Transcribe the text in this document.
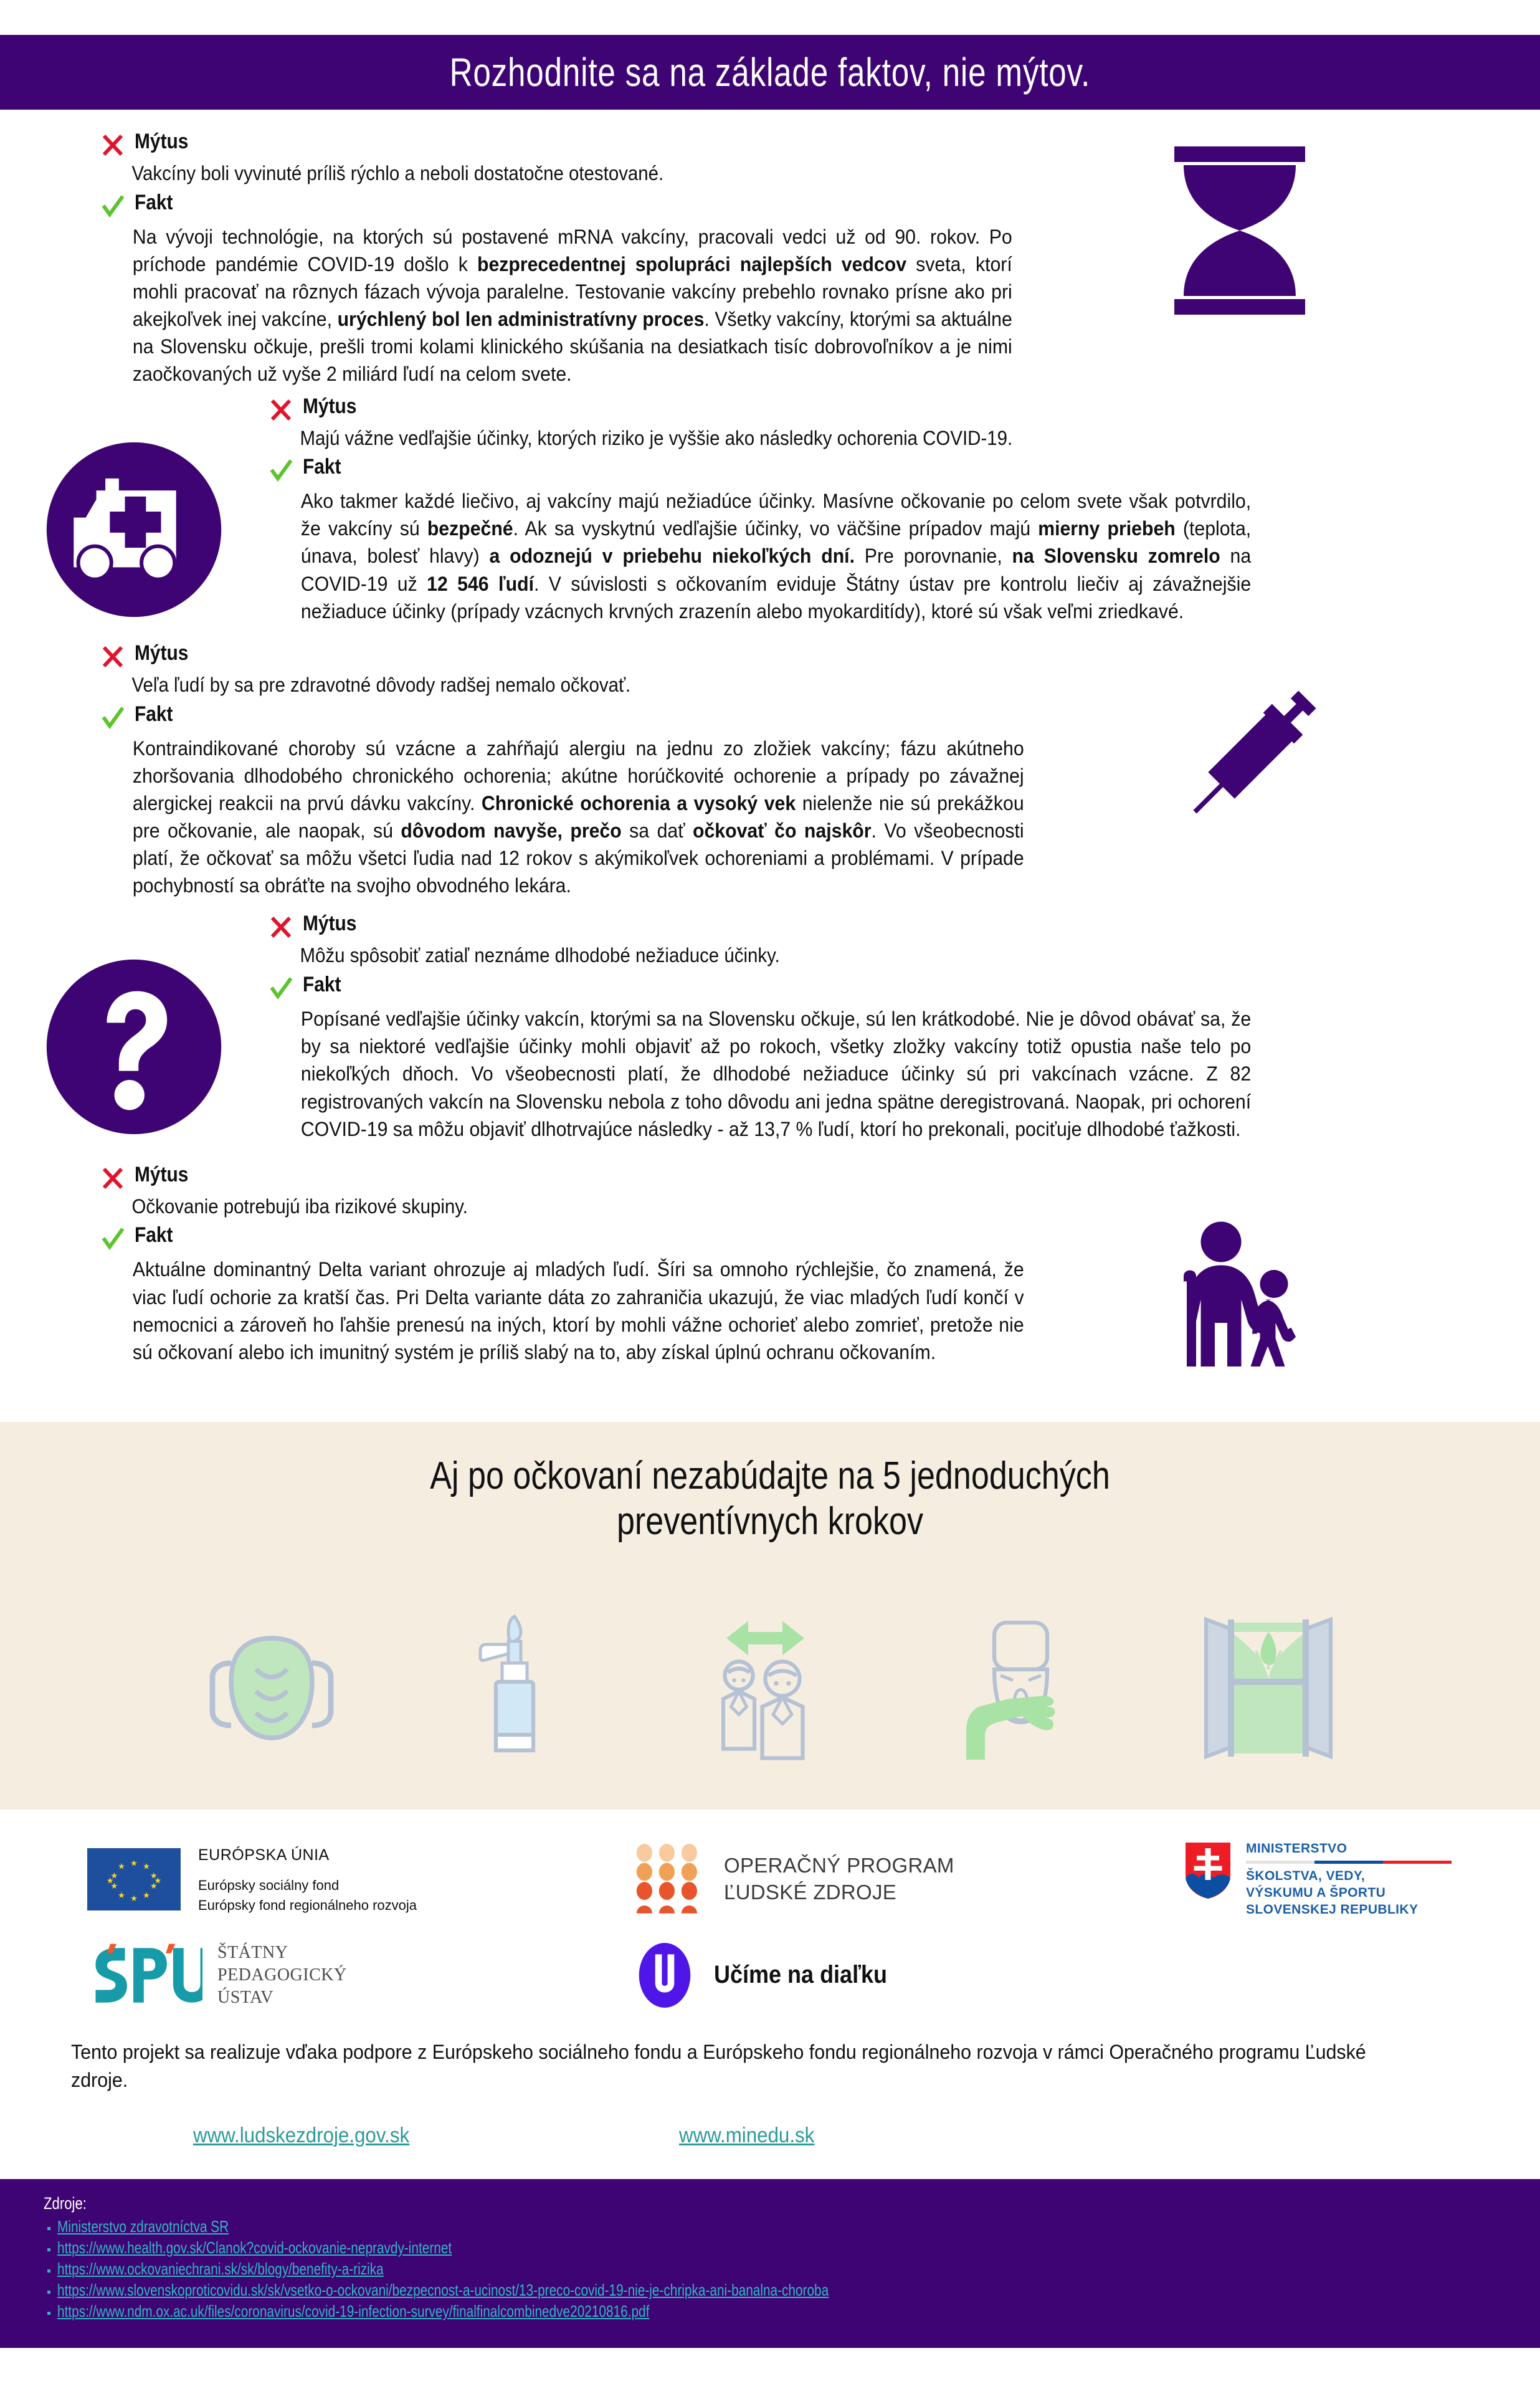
Rozhodnite sa na základe faktov, nie mýtov.
Mýtus
Vakcíny boli vyvinuté príliš rýchlo a neboli dostatočne otestované.
Fakt
Na vývoji technológie, na ktorých sú postavené mRNA vakcíny, pracovali vedci už od 90. rokov. Po príchode pandémie COVID-19 došlo k bezprecedentnej spolupráci najlepších vedcov sveta, ktorí mohli pracovať na rôznych fázach vývoja paralelne. Testovanie vakcíny prebehlo rovnako prísne ako pri akejkoľvek inej vakcíne, urýchlený bol len administratívny proces. Všetky vakcíny, ktorými sa aktuálne na Slovensku očkuje, prešli tromi kolami klinického skúšania na desiatkach tisíc dobrovoľníkov a je nimi zaočkovaných už vyše 2 miliárd ľudí na celom svete.
Mýtus
Majú vážne vedľajšie účinky, ktorých riziko je vyššie ako následky ochorenia COVID-19.
Fakt
Ako takmer každé liečivo, aj vakcíny majú nežiadúce účinky. Masívne očkovanie po celom svete však potvrdilo, že vakcíny sú bezpečné. Ak sa vyskytnú vedľajšie účinky, vo väčšine prípadov majú mierny priebeh (teplota, únava, bolesť hlavy) a odoznejú v priebehu niekoľkých dní. Pre porovnanie, na Slovensku zomrelo na COVID-19 už 12 546 ľudí. V súvislosti s očkovaním eviduje Štátny ústav pre kontrolu liečiv aj závažnejšie nežiaduce účinky (prípady vzácnych krvných zrazenín alebo myokarditídy), ktoré sú však veľmi zriedkavé.
Mýtus
Veľa ľudí by sa pre zdravotné dôvody radšej nemalo očkovať.
Fakt
Kontraindikované choroby sú vzácne a zahŕňajú alergiu na jednu zo zložiek vakcíny; fázu akútneho zhoršovania dlhodobého chronického ochorenia; akútne horúčkovité ochorenie a prípady po závažnej alergickej reakcii na prvú dávku vakcíny. Chronické ochorenia a vysoký vek nielenže nie sú prekážkou pre očkovanie, ale naopak, sú dôvodom navyše, prečo sa dať očkovať čo najskôr. Vo všeobecnosti platí, že očkovať sa môžu všetci ľudia nad 12 rokov s akýmikoľvek ochoreniami a problémami. V prípade pochybností sa obráťte na svojho obvodného lekára.
Mýtus
Môžu spôsobiť zatiaľ neznáme dlhodobé nežiaduce účinky.
Fakt
Popísané vedľajšie účinky vakcín, ktorými sa na Slovensku očkuje, sú len krátkodobé. Nie je dôvod obávať sa, že by sa niektoré vedľajšie účinky mohli objaviť až po rokoch, všetky zložky vakcíny totiž opustia naše telo po niekoľkých dňoch. Vo všeobecnosti platí, že dlhodobé nežiaduce účinky sú pri vakcínach vzácne. Z 82 registrovaných vakcín na Slovensku nebola z toho dôvodu ani jedna spätne deregistrovaná. Naopak, pri ochorení COVID-19 sa môžu objaviť dlhotrvajúce následky - až 13,7 % ľudí, ktorí ho prekonali, pociťuje dlhodobé ťažkosti.
Mýtus
Očkovanie potrebujú iba rizikové skupiny.
Fakt
Aktuálne dominantný Delta variant ohrozuje aj mladých ľudí. Šíri sa omnoho rýchlejšie, čo znamená, že viac ľudí ochorie za kratší čas. Pri Delta variante dáta zo zahraničia ukazujú, že viac mladých ľudí končí v nemocnici a zároveň ho ľahšie prenesú na iných, ktorí by mohli vážne ochorieť alebo zomrieť, pretože nie sú očkovaní alebo ich imunitný systém je príliš slabý na to, aby získal úplnú ochranu očkovaním.
Aj po očkovaní nezabúdajte na 5 jednoduchých
preventívnych krokov
★
★	★
★	★
★	★
★	★
★
★	★
EURÓPSKA ÚNIA
Európsky sociálny fond
Európsky fond regionálneho rozvoja
OPERAČNÝ PROGRAM
ĽUDSKÉ ZDROJE
MINISTERSTVO
ŠKOLSTVA, VEDY,
VÝSKUMU A ŠPORTU
SLOVENSKEJ REPUBLIKY
ŠTÁTNY
PEDAGOGICKÝ
ÚSTAV
Učíme na diaľku
Tento projekt sa realizuje vďaka podpore z Európskeho sociálneho fondu a Európskeho fondu regionálneho rozvoja v rámci Operačného programu Ľudské zdroje.
www.ludskezdroje.gov.sk	www.minedu.sk
Zdroje:
Ministerstvo zdravotníctva SR
https://www.health.gov.sk/Clanok?covid-ockovanie-nepravdy-internet
https://www.ockovaniechrani.sk/sk/blogy/benefity-a-rizika
https://www.slovenskoproticovidu.sk/sk/vsetko-o-ockovani/bezpecnost-a-ucinost/13-preco-covid-19-nie-je-chripka-ani-banalna-choroba
https://www.ndm.ox.ac.uk/files/coronavirus/covid-19-infection-survey/finalfinalcombinedve20210816.pdf
